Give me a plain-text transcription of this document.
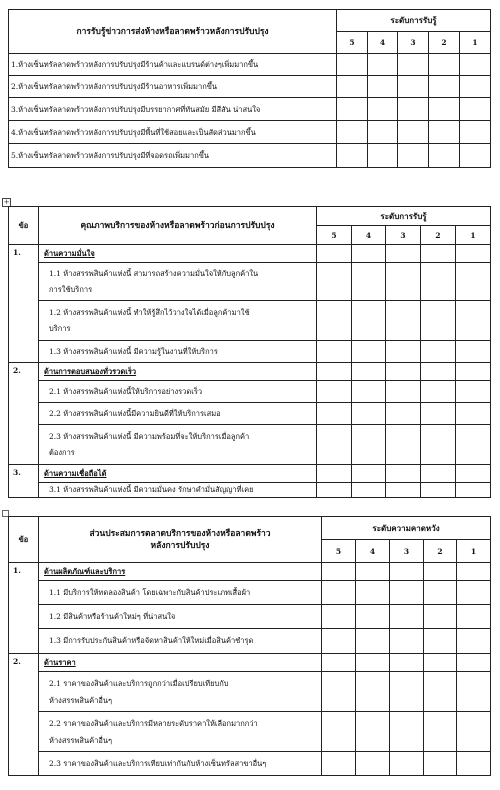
การรับรู้ข่าวการส่งห้างหรือลาดพร้าวหลังการปรับปรุง	ระดับการรับรู้				
	5	4	3	2	1
1.ห้างเซ็นทรัลลาดพร้าวหลังการปรับปรุงมีร้านค้าและแบรนด์ต่างๆเพิ่มมากขึ้น					
2.ห้างเซ็นทรัลลาดพร้าวหลังการปรับปรุงมีร้านอาหารเพิ่มมากขึ้น					
3.ห้างเซ็นทรัลลาดพร้าวหลังการปรับปรุงมีบรรยากาศที่ทันสมัย มีสีสัน น่าสนใจ					
4.ห้างเซ็นทรัลลาดพร้าวหลังการปรับปรุงมีพื้นที่ใช้สอยและเป็นสัดส่วนมากขึ้น					
5.ห้างเซ็นทรัลลาดพร้าวหลังการปรับปรุงมีที่จอดรถเพิ่มมากขึ้น					
+
ข้อ	คุณภาพบริการของห้างหรือลาดพร้าวก่อนการปรับปรุง	ระดับการรับรู้				
		5	4	3	2	1
1.	ด้านความมั่นใจ					
	1.1 ห้างสรรพสินค้าแห่งนี้ สามารถสร้างความมั่นใจให้กับลูกค้าใน
การใช้บริการ					
	1.2 ห้างสรรพสินค้าแห่งนี้ ทำให้รู้สึกไว้วางใจได้เมื่อลูกค้ามาใช้
บริการ					
	1.3 ห้างสรรพสินค้าแห่งนี้ มีความรู้ในงานที่ให้บริการ					
2.	ด้านการตอบสนองทั่วรวดเร็ว					
	2.1 ห้างสรรพสินค้าแห่งนี้ให้บริการอย่างรวดเร็ว					
	2.2 ห้างสรรพสินค้าแห่งนี้มีความยินดีที่ให้บริการเสมอ					
	2.3 ห้างสรรพสินค้าแห่งนี้ มีความพร้อมที่จะให้บริการเมื่อลูกค้า
ต้องการ					
3.	ด้านความเชื่อถือได้					
	3.1 ห้างสรรพสินค้าแห่งนี้ มีความมั่นคง รักษาคำมั่นสัญญาที่เคย					
ข้อ	ส่วนประสมการตลาดบริการของห้างหรือลาดพร้าว
หลังการปรับปรุง	ระดับความคาดหวัง				
		5	4	3	2	1
1.	ด้านผลิตภัณฑ์และบริการ					
	1.1 มีบริการให้ทดลองสินค้า โดยเฉพาะกับสินค้าประเภทเสื้อผ้า					
	1.2 มีสินค้าหรือร้านค้าใหม่ๆ ที่น่าสนใจ					
	1.3 มีการรับประกันสินค้าหรือจัดหาสินค้าให้ใหม่เมื่อสินค้าชำรุด					
2.	ด้านราคา					
	2.1 ราคาของสินค้าและบริการถูกกว่าเมื่อเปรียบเทียบกับ
ห้างสรรพสินค้าอื่นๆ					
	2.2 ราคาของสินค้าและบริการมีหลายระดับราคาให้เลือกมากกว่า
ห้างสรรพสินค้าอื่นๆ					
	2.3 ราคาของสินค้าและบริการเทียบเท่ากันกับห้างเซ็นทรัลสาขาอื่นๆ					
